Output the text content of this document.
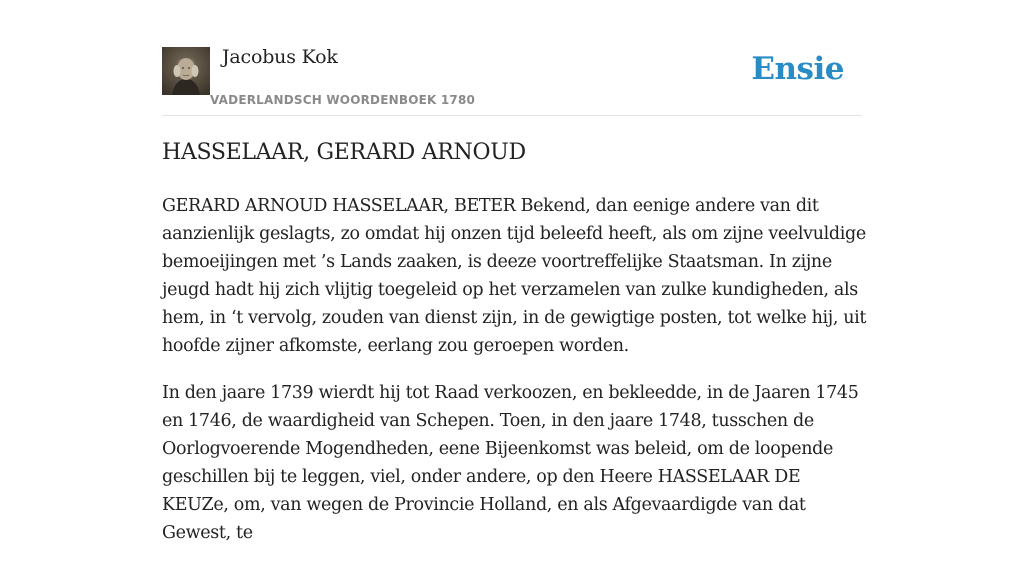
Jacobus Kok
VADERLANDSCH WOORDENBOEK 1780
Ensie
HASSELAAR, GERARD ARNOUD

GERARD ARNOUD HASSELAAR, BETER Bekend, dan eenige andere van dit aanzienlijk geslagts, zo omdat hij onzen tijd beleefd heeft, als om zijne veelvuldige bemoeijingen met ’s Lands zaaken, is deeze voortreffelijke Staatsman. In zijne jeugd hadt hij zich vlijtig toegeleid op het verzamelen van zulke kundigheden, als hem, in ‘t vervolg, zouden van dienst zijn, in de gewigtige posten, tot welke hij, uit hoofde zijner afkomste, eerlang zou geroepen worden.

In den jaare 1739 wierdt hij tot Raad verkoozen, en bekleedde, in de Jaaren 1745 en 1746, de waardigheid van Schepen. Toen, in den jaare 1748, tusschen de Oorlogvoerende Mogendheden, eene Bijeenkomst was beleid, om de loopende geschillen bij te leggen, viel, onder andere, op den Heere HASSELAAR DE KEUZe, om, van wegen de Provincie Holland, en als Afgevaardigde van dat Gewest, te
